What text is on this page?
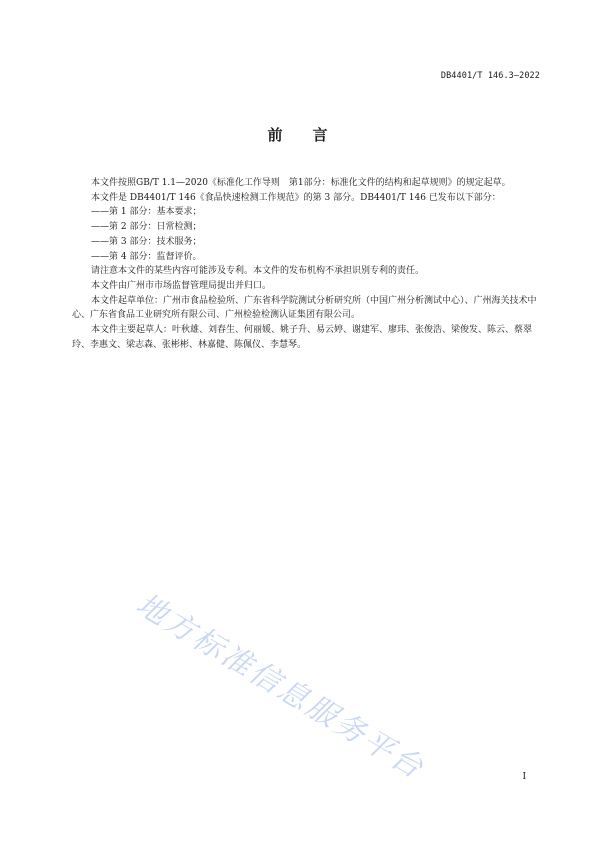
DB4401/T 146.3—2022
前 言

本文件按照GB/T 1.1—2020《标准化工作导则　第1部分：标准化文件的结构和起草规则》的规定起草。

本文件是 DB4401/T 146《食品快速检测工作规范》的第 3 部分。DB4401/T 146 已发布以下部分：

——第 1 部分：基本要求；

——第 2 部分：日常检测；

——第 3 部分：技术服务；

——第 4 部分：监督评价。

请注意本文件的某些内容可能涉及专利。本文件的发布机构不承担识别专利的责任。

本文件由广州市市场监督管理局提出并归口。

本文件起草单位：广州市食品检验所、广东省科学院测试分析研究所（中国广州分析测试中心）、广州海关技术中心、广东省食品工业研究所有限公司、广州检验检测认证集团有限公司。

本文件主要起草人：叶秋雄、刘春生、何丽媛、姚子升、易云婷、谢建军、廖玮、张俊浩、梁俊发、陈云、蔡翠玲、李惠文、梁志森、张彬彬、林嘉健、陈佩仪、李慧琴。

地方标准信息服务平台	I
